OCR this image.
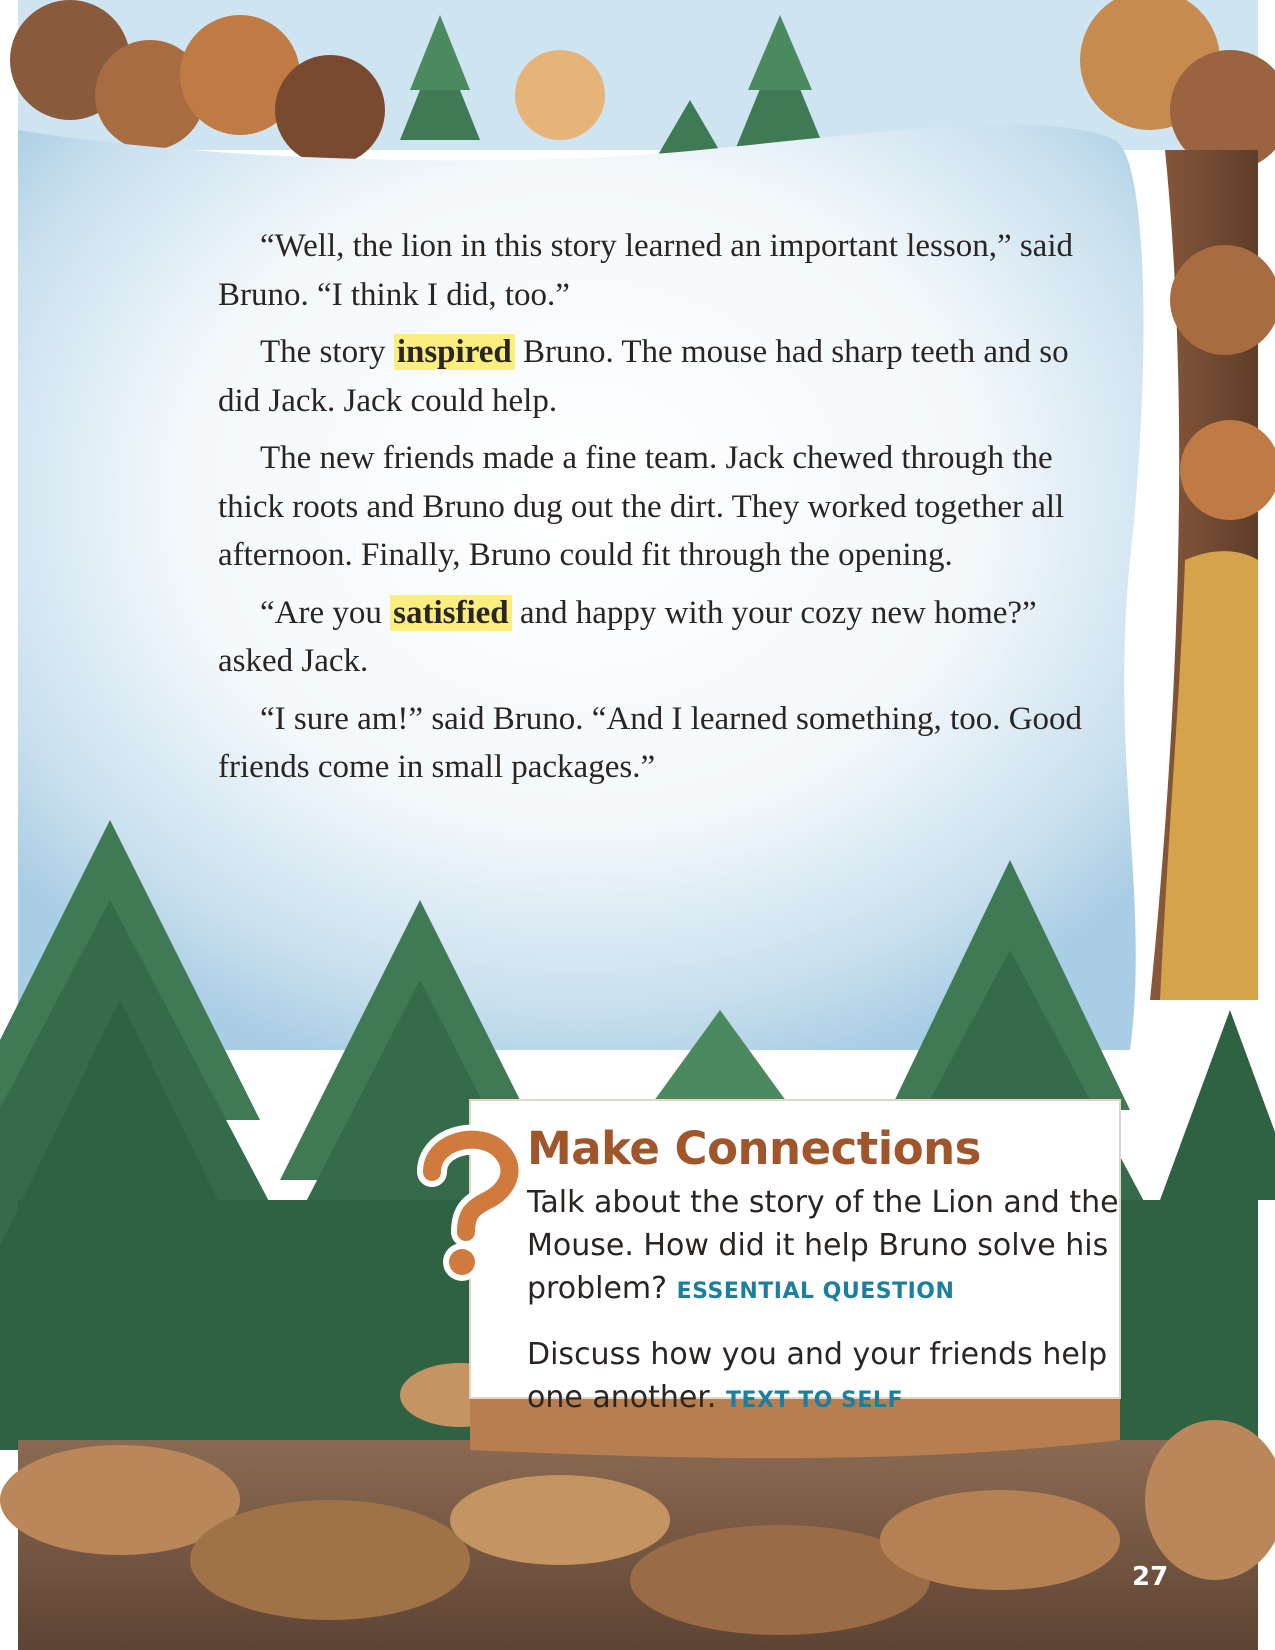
“Well, the lion in this story learned an important lesson,” said Bruno. “I think I did, too.”

The story inspired Bruno. The mouse had sharp teeth and so did Jack. Jack could help.

The new friends made a fine team. Jack chewed through the thick roots and Bruno dug out the dirt. They worked together all afternoon. Finally, Bruno could fit through the opening.

“Are you satisfied and happy with your cozy new home?” asked Jack.

“I sure am!” said Bruno. “And I learned something, too. Good friends come in small packages.”

Make Connections

Talk about the story of the Lion and the Mouse. How did it help Bruno solve his problem? ESSENTIAL QUESTION

Discuss how you and your friends help one another. TEXT TO SELF

27
